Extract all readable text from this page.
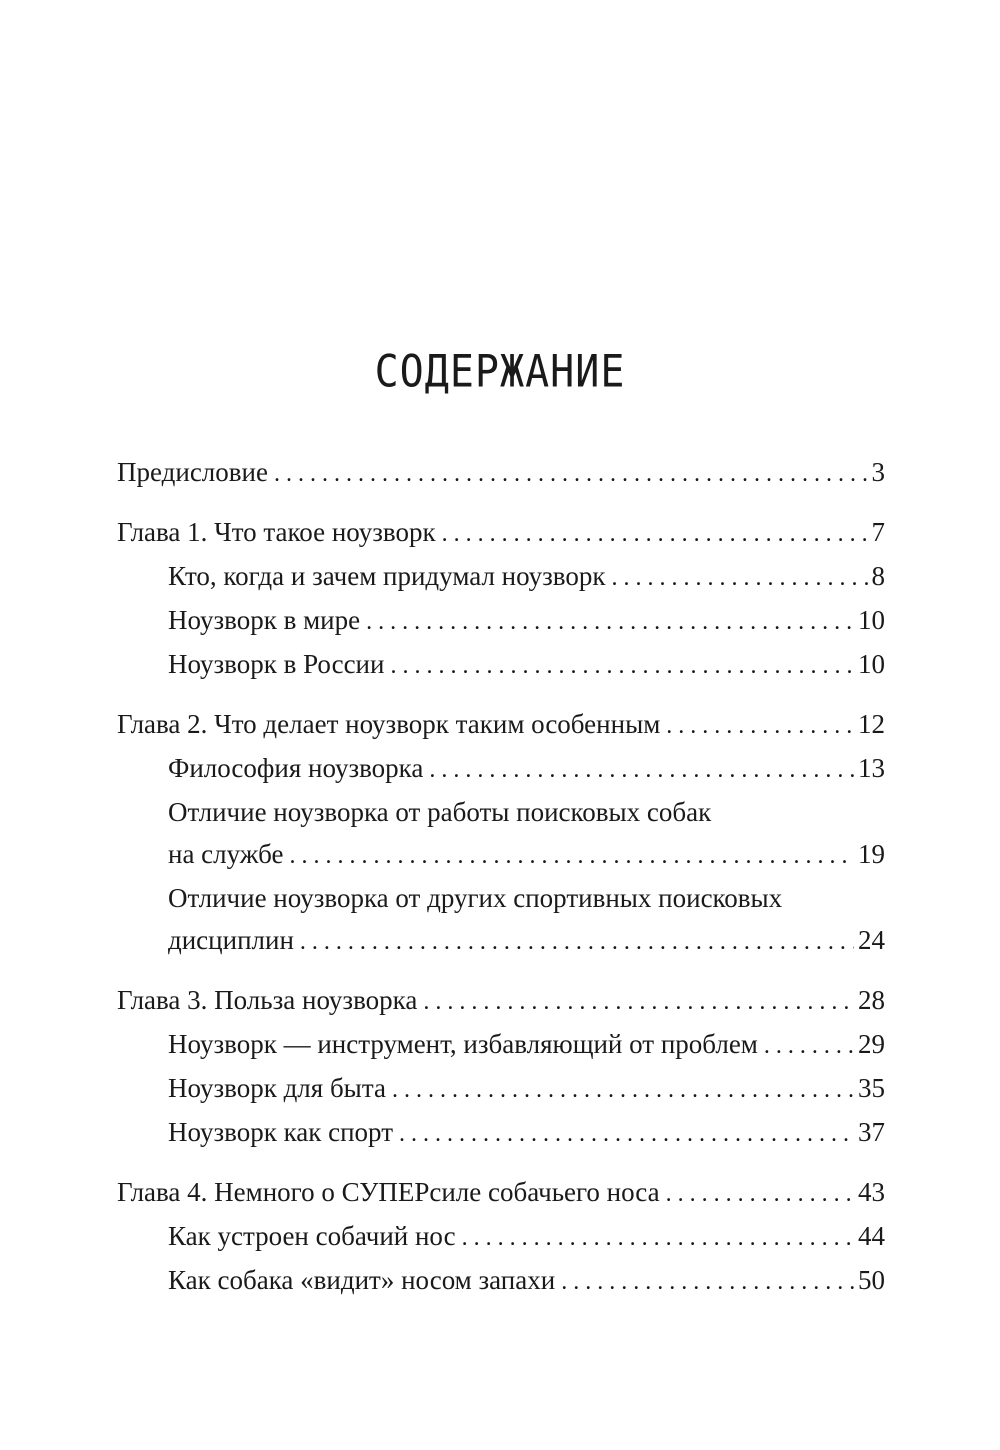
СОДЕРЖАНИЕ
Предисловие . . .	3
Глава 1. Что такое ноузворк . . .	7
Кто, когда и зачем придумал ноузворк . . .	8
Ноузворк в мире . . .	10
Ноузворк в России . . .	10
Глава 2. Что делает ноузворк таким особенным . . .	12
Философия ноузворка . . .	13
Отличие ноузворка от работы поисковых собак
на службе . . .	19
Отличие ноузворка от других спортивных поисковых
дисциплин . . .	24
Глава 3. Польза ноузворка . . .	28
Ноузворк — инструмент, избавляющий от проблем . . .	29
Ноузворк для быта . . .	35
Ноузворк как спорт . . .	37
Глава 4. Немного о СУПЕРсиле собачьего носа . . .	43
Как устроен собачий нос . . .	44
Как собака «видит» носом запахи . . .	50
